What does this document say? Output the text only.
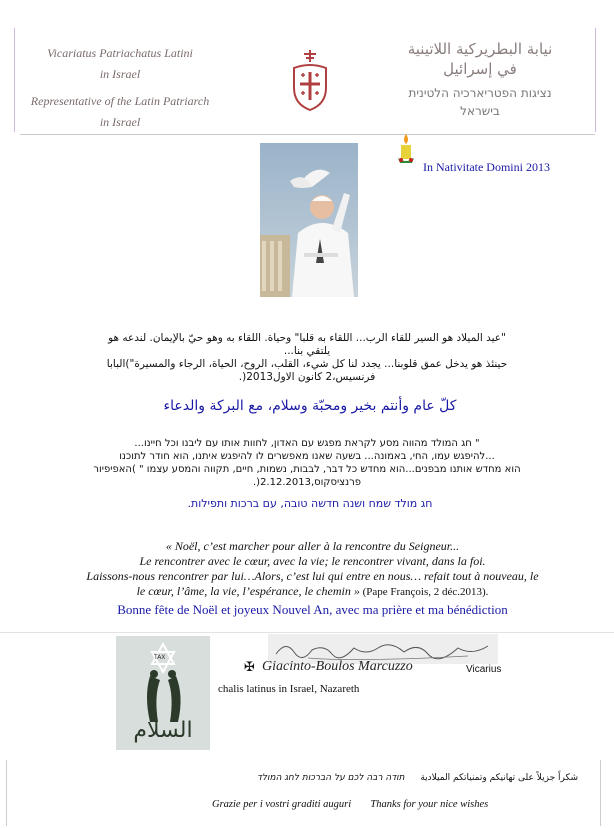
Vicariatus Patriachatus Latini
in Israel
Representative of the Latin Patriarch
in Israel
نيابة البطريركية اللاتينية
في إسرائيل
נציגות הפטריארכיה הלטינית
בישראל
In Nativitate Domini 2013
"عيد الميلاد هو السير للقاء الرب... اللقاء به قلبا" وحياة. اللقاء به وهو حيّ بالإيمان. لندعه هو
يلتقي بنا...
حينئذ هو يدخل عمق قلوبنا... يجدد لنا كل شيء، القلب، الروح، الحياة، الرجاء والمسيرة")البابا
فرنسيس،2 كانون الاول2013(.
كلّ عام وأنتم بخير ومحبّة وسلام، مع البركة والدعاء
" חג המולד מהווה מסע לקראת מפגש עם האדון, לחוות אותו עם ליבנו וכל חיינו...
...להיפגש עמו, החי, באמונה... בשעה שאנו מאפשרים לו להיפגש איתנו, הוא חודר לתוכנו
הוא מחדש אותנו מבפנים...הוא מחדש כל דבר, לבבות, נשמות, חיים, תקווה והמסע עצמו " )האפיפיור
פרנציסקוס,2.12.2013(.
חג מולד שמח ושנה חדשה טובה, עם ברכות ותפילות.
« Noël, c’est marcher pour aller à la rencontre du Seigneur...
Le rencontrer avec le cœur, avec la vie; le rencontrer vivant, dans la foi.
Laissons-nous rencontrer par lui…Alors, c’est lui qui entre en nous… refait tout à nouveau, le
le cœur, l’âme, la vie, l’espérance, le chemin » (Pape François, 2 déc.2013).
Bonne fête de Noël et joyeux Nouvel An, avec ma prière et ma bénédiction
TAX
السلام
✠ Giacinto-Boulos Marcuzzo	Vicarius
chalis latinus in Israel, Nazareth
شكراً جزيلاً على تهانيكم وتمنياتكم الميلادية  תודה רבה לכם על הברכות לחג המולד
Grazie per i vostri graditi auguri Thanks for your nice wishes
